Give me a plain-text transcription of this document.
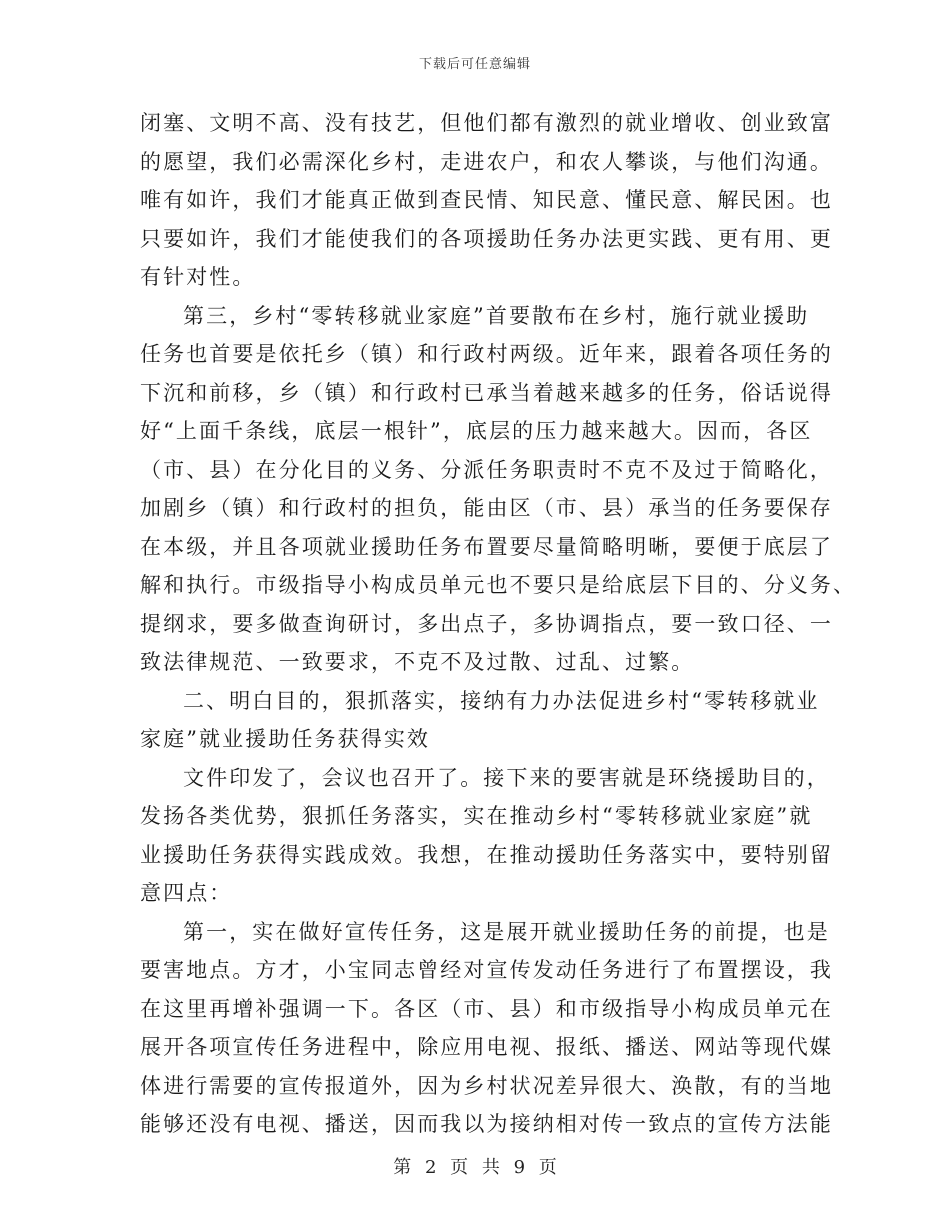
下载后可任意编辑
闭塞、文明不高、没有技艺，但他们都有激烈的就业增收、创业致富
的愿望，我们必需深化乡村，走进农户，和农人攀谈，与他们沟通。
唯有如许，我们才能真正做到查民情、知民意、懂民意、解民困。也
只要如许，我们才能使我们的各项援助任务办法更实践、更有用、更
有针对性。
第三，乡村“零转移就业家庭”首要散布在乡村，施行就业援助
任务也首要是依托乡（镇）和行政村两级。近年来，跟着各项任务的
下沉和前移，乡（镇）和行政村已承当着越来越多的任务，俗话说得
好“上面千条线，底层一根针”，底层的压力越来越大。因而，各区
（市、县）在分化目的义务、分派任务职责时不克不及过于简略化，
加剧乡（镇）和行政村的担负，能由区（市、县）承当的任务要保存
在本级，并且各项就业援助任务布置要尽量简略明晰，要便于底层了
解和执行。市级指导小构成员单元也不要只是给底层下目的、分义务、
提纲求，要多做查询研讨，多出点子，多协调指点，要一致口径、一
致法律规范、一致要求，不克不及过散、过乱、过繁。
二、明白目的，狠抓落实，接纳有力办法促进乡村“零转移就业
家庭”就业援助任务获得实效
文件印发了，会议也召开了。接下来的要害就是环绕援助目的，
发扬各类优势，狠抓任务落实，实在推动乡村“零转移就业家庭”就
业援助任务获得实践成效。我想，在推动援助任务落实中，要特别留
意四点：
第一，实在做好宣传任务，这是展开就业援助任务的前提，也是
要害地点。方才，小宝同志曾经对宣传发动任务进行了布置摆设，我
在这里再增补强调一下。各区（市、县）和市级指导小构成员单元在
展开各项宣传任务进程中，除应用电视、报纸、播送、网站等现代媒
体进行需要的宣传报道外，因为乡村状况差异很大、涣散，有的当地
能够还没有电视、播送，因而我以为接纳相对传一致点的宣传方法能
第 2 页 共 9 页
